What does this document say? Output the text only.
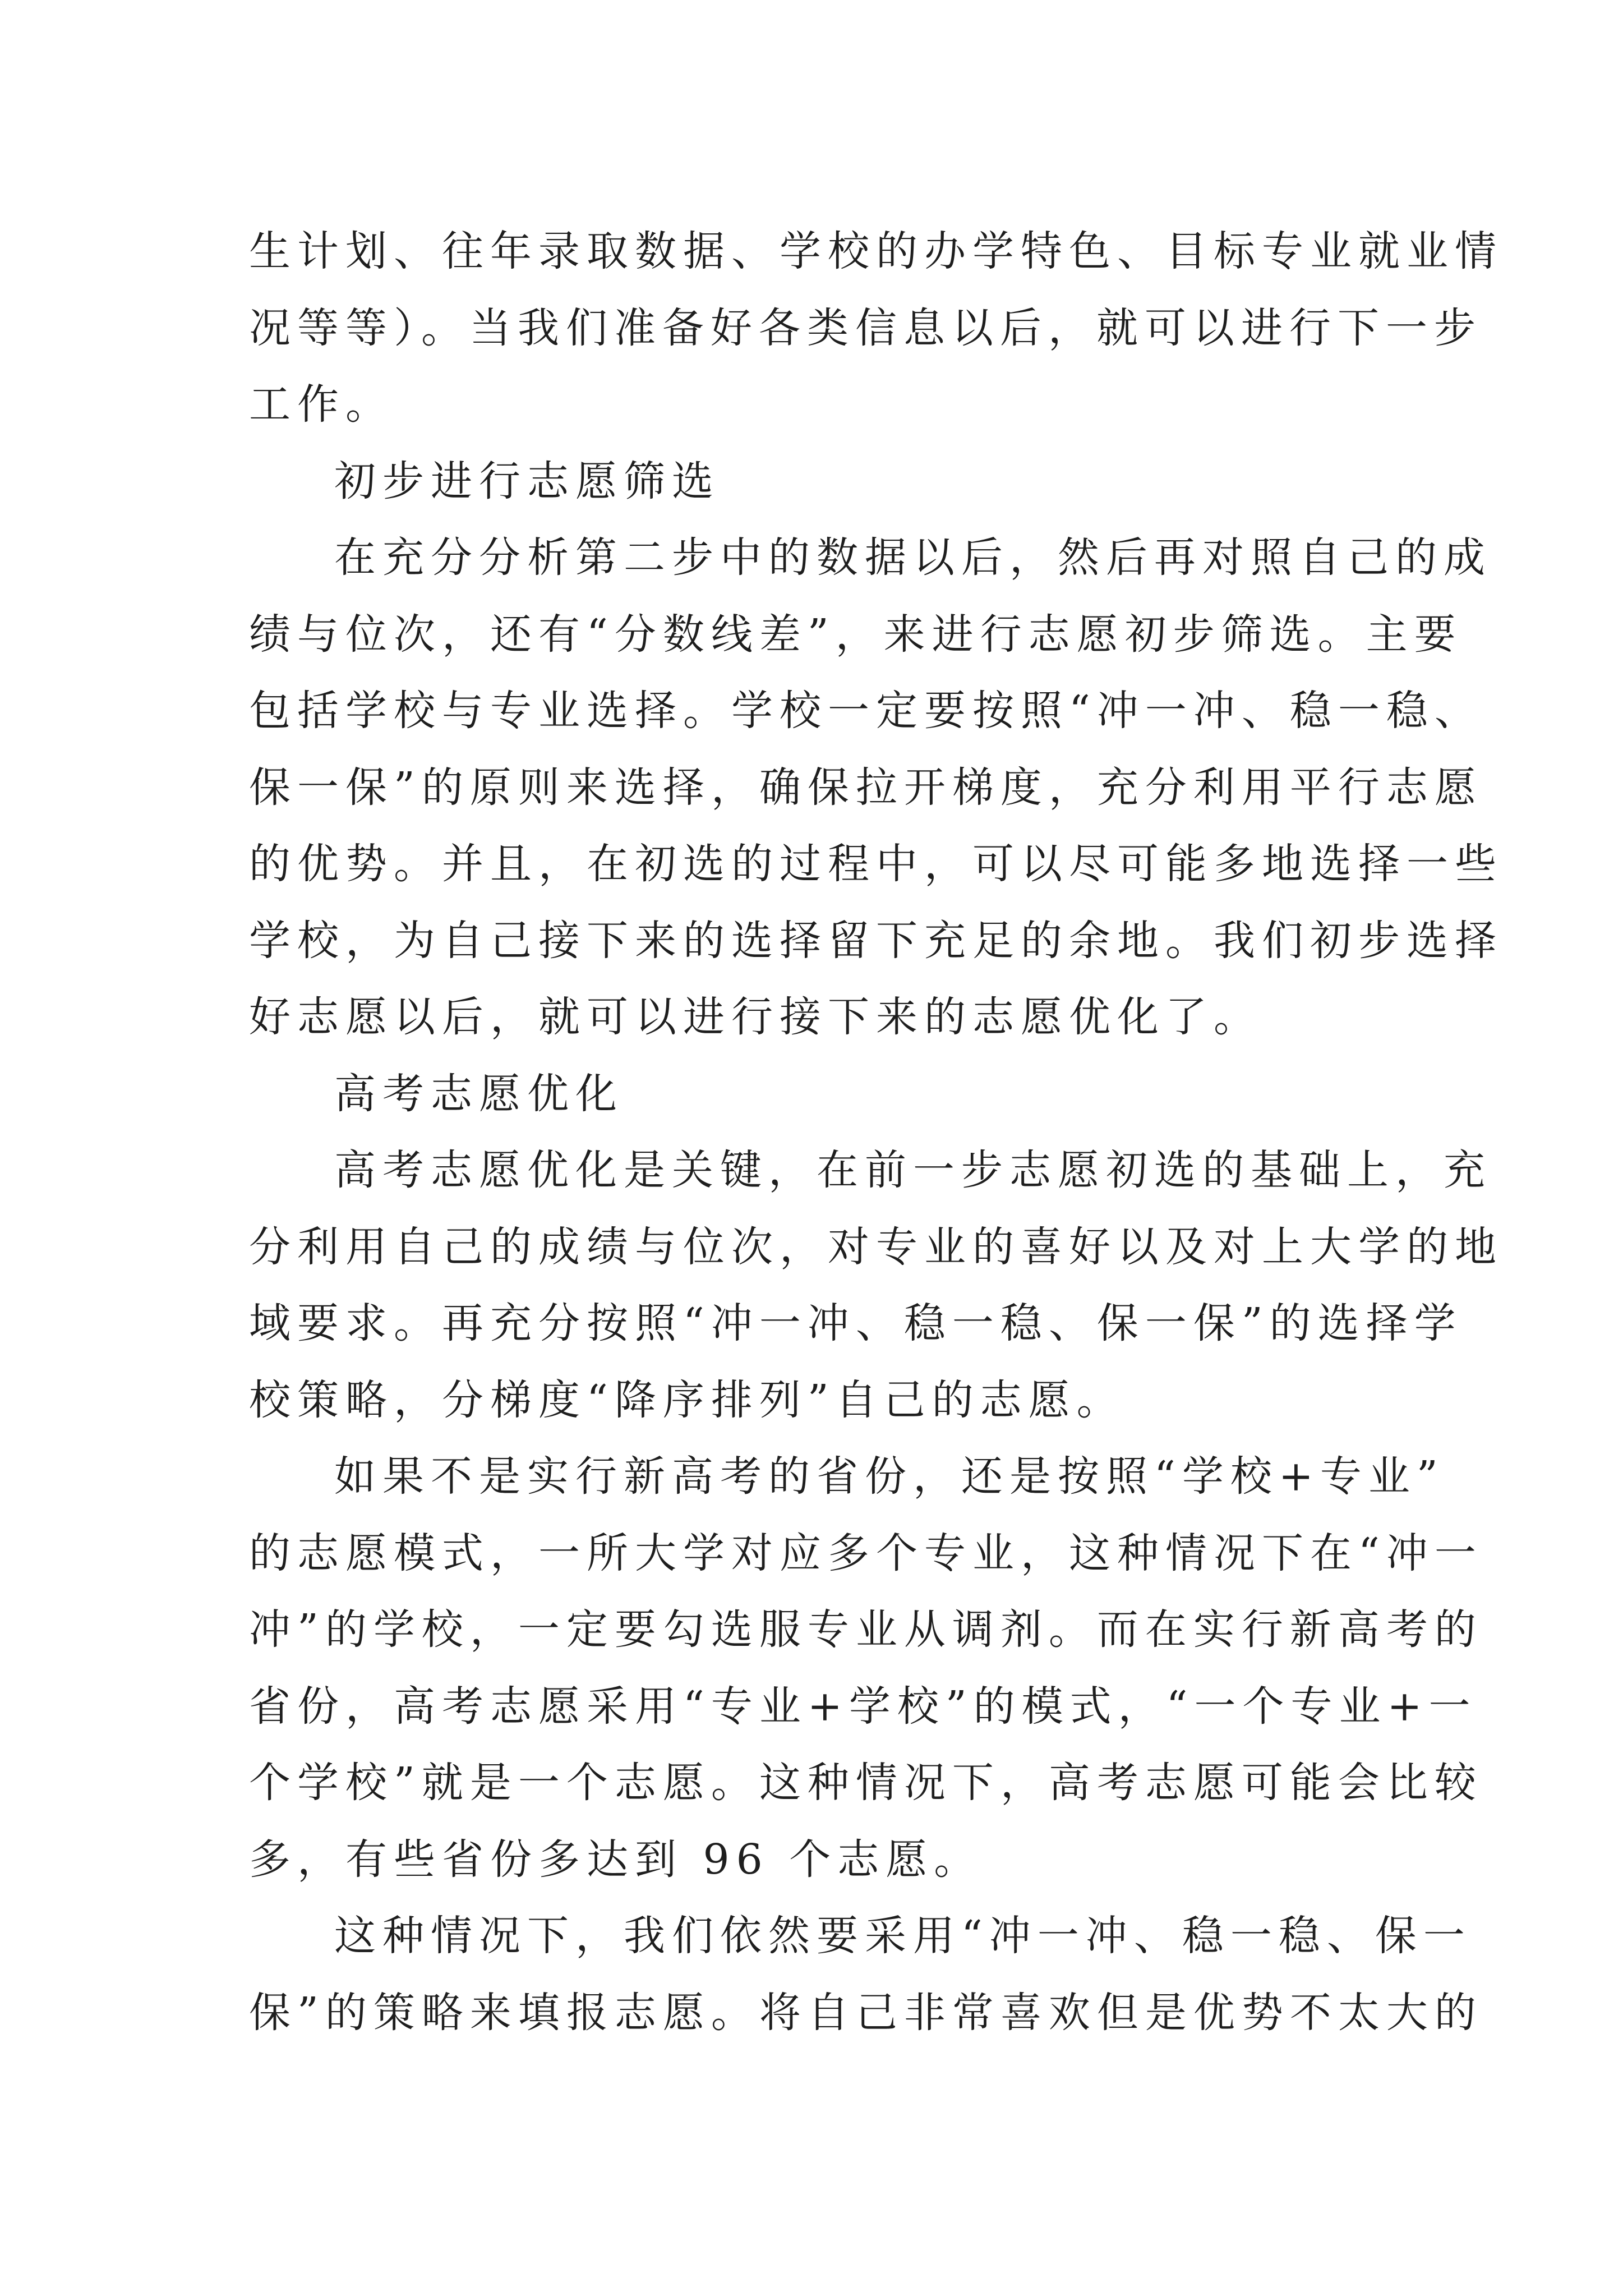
生计划、往年录取数据、学校的办学特色、目标专业就业情
况等等）。当我们准备好各类信息以后，就可以进行下一步
工作。
初步进行志愿筛选
在充分分析第二步中的数据以后，然后再对照自己的成
绩与位次，还有“分数线差”，来进行志愿初步筛选。主要
包括学校与专业选择。学校一定要按照“冲一冲、稳一稳、
保一保”的原则来选择，确保拉开梯度，充分利用平行志愿
的优势。并且，在初选的过程中，可以尽可能多地选择一些
学校，为自己接下来的选择留下充足的余地。我们初步选择
好志愿以后，就可以进行接下来的志愿优化了。
高考志愿优化
高考志愿优化是关键，在前一步志愿初选的基础上，充
分利用自己的成绩与位次，对专业的喜好以及对上大学的地
域要求。再充分按照“冲一冲、稳一稳、保一保”的选择学
校策略，分梯度“降序排列”自己的志愿。
如果不是实行新高考的省份，还是按照“学校+专业”
的志愿模式，一所大学对应多个专业，这种情况下在“冲一
冲”的学校，一定要勾选服专业从调剂。而在实行新高考的
省份，高考志愿采用“专业+学校”的模式，“一个专业+一
个学校”就是一个志愿。这种情况下，高考志愿可能会比较
多，有些省份多达到 96 个志愿。
这种情况下，我们依然要采用“冲一冲、稳一稳、保一
保”的策略来填报志愿。将自己非常喜欢但是优势不太大的
